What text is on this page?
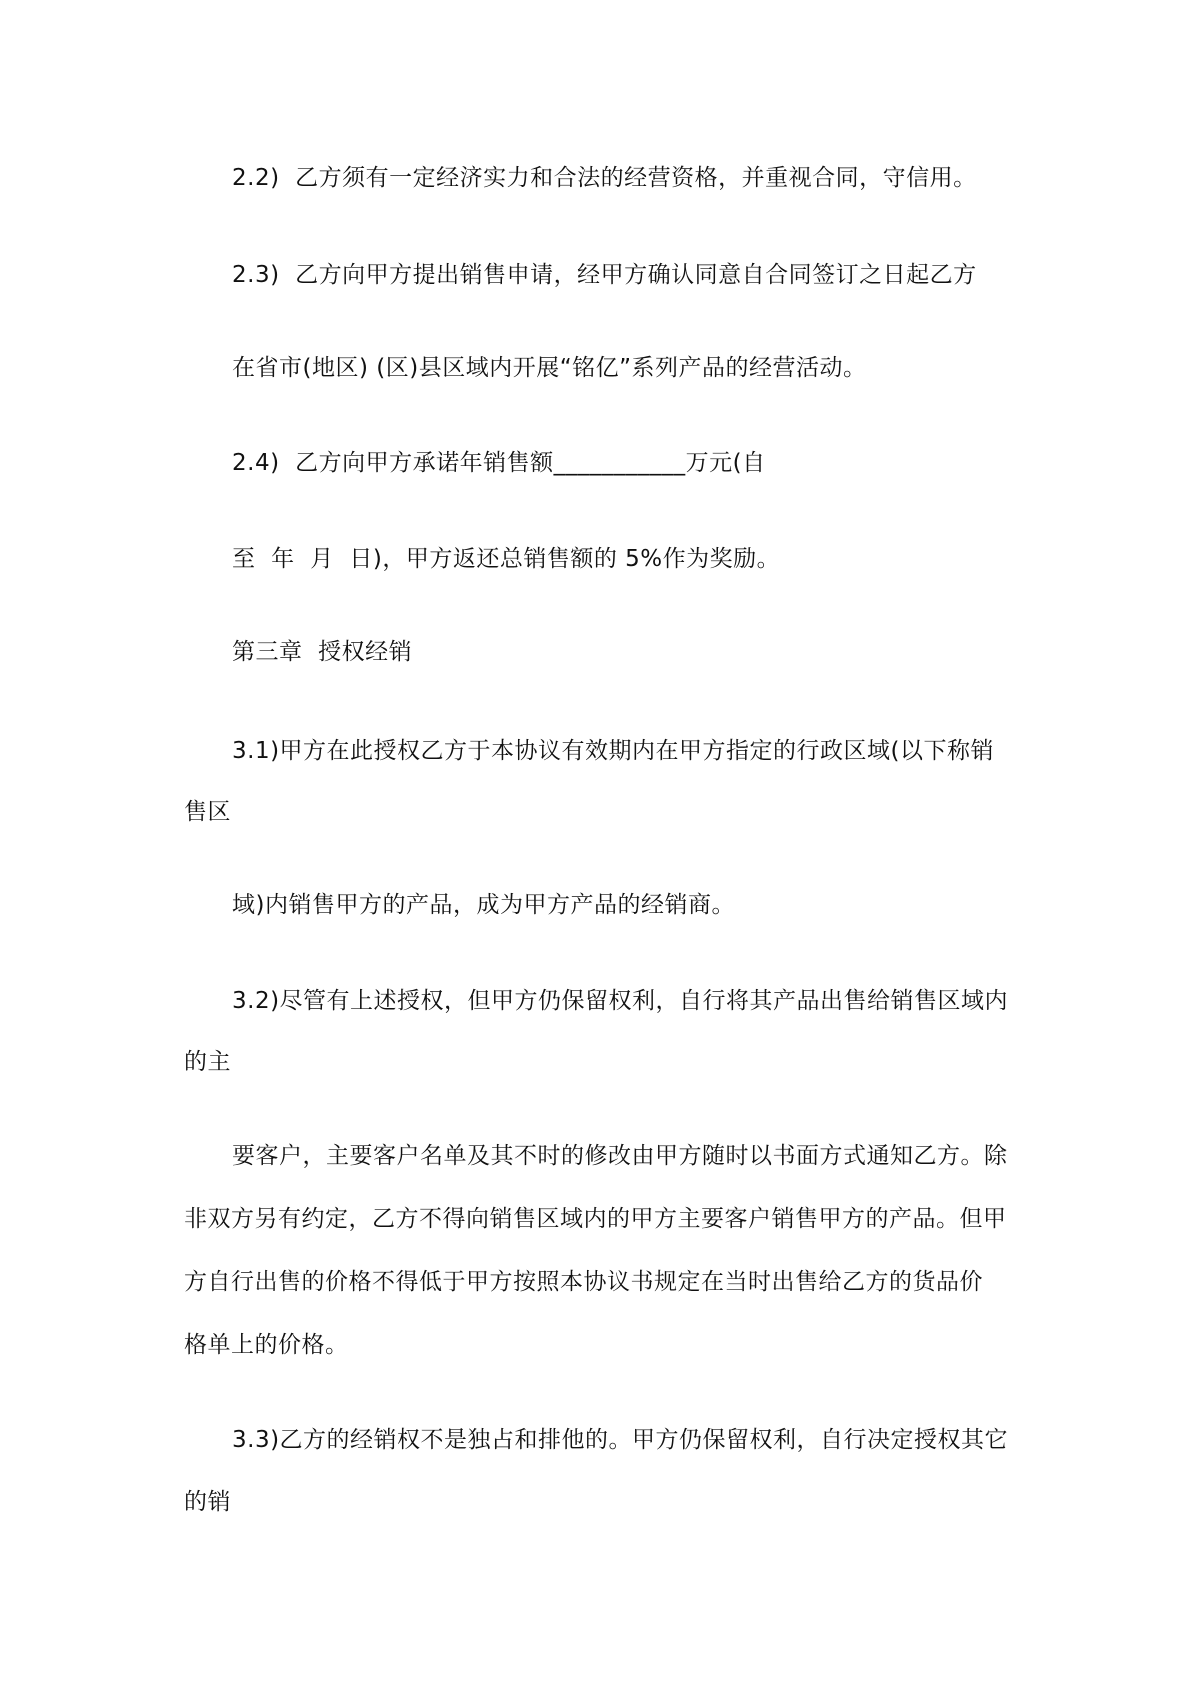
2.2)  乙方须有一定经济实力和合法的经营资格，并重视合同，守信用。
2.3)  乙方向甲方提出销售申请，经甲方确认同意自合同签订之日起乙方
在省市(地区) (区)县区域内开展“铭亿”系列产品的经营活动。
2.4)  乙方向甲方承诺年销售额___________万元(自
至  年  月  日)，甲方返还总销售额的 5%作为奖励。
第三章  授权经销
3.1)甲方在此授权乙方于本协议有效期内在甲方指定的行政区域(以下称销
售区
域)内销售甲方的产品，成为甲方产品的经销商。
3.2)尽管有上述授权，但甲方仍保留权利，自行将其产品出售给销售区域内
的主
要客户，主要客户名单及其不时的修改由甲方随时以书面方式通知乙方。除
非双方另有约定，乙方不得向销售区域内的甲方主要客户销售甲方的产品。但甲
方自行出售的价格不得低于甲方按照本协议书规定在当时出售给乙方的货品价
格单上的价格。
3.3)乙方的经销权不是独占和排他的。甲方仍保留权利，自行决定授权其它
的销
